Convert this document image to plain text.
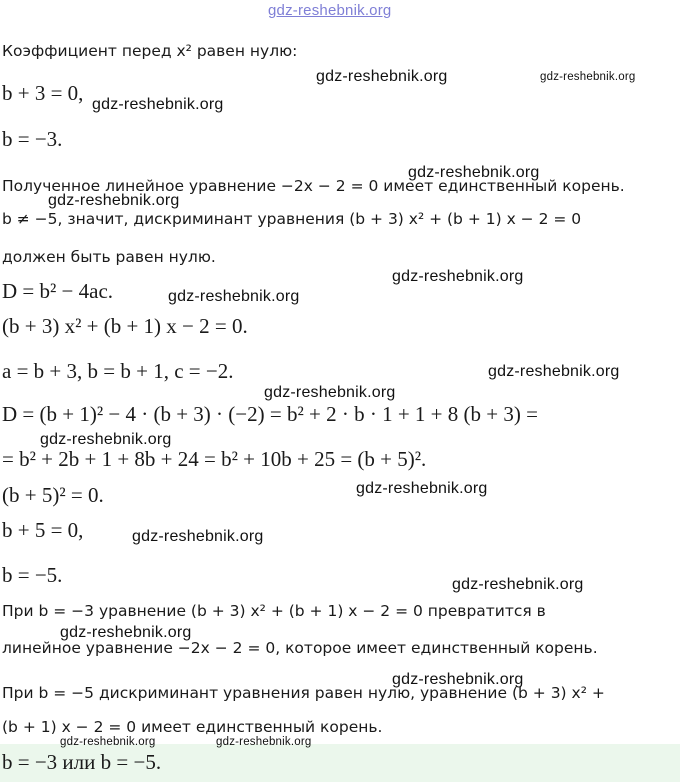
gdz-reshebnik.org
Коэффициент перед x² равен нулю:
b + 3 = 0,
b = −3.
Полученное линейное уравнение −2x − 2 = 0 имеет единственный корень.
b ≠ −5, значит, дискриминант уравнения (b + 3) x² + (b + 1) x − 2 = 0
должен быть равен нулю.
D = b² − 4ac.
(b + 3) x² + (b + 1) x − 2 = 0.
a = b + 3, b = b + 1, c = −2.
D = (b + 1)² − 4 · (b + 3) · (−2) = b² + 2 · b · 1 + 1 + 8 (b + 3) =
= b² + 2b + 1 + 8b + 24 = b² + 10b + 25 = (b + 5)².
(b + 5)² = 0.
b + 5 = 0,
b = −5.
При b = −3 уравнение (b + 3) x² + (b + 1) x − 2 = 0 превратится в
линейное уравнение −2x − 2 = 0, которое имеет единственный корень.
При b = −5 дискриминант уравнения равен нулю, уравнение (b + 3) x² +
(b + 1) x − 2 = 0 имеет единственный корень.
b = −3 или b = −5.
gdz-reshebnik.org	gdz-reshebnik.org
gdz-reshebnik.org
gdz-reshebnik.org
gdz-reshebnik.org
gdz-reshebnik.org
gdz-reshebnik.org
gdz-reshebnik.org
gdz-reshebnik.org
gdz-reshebnik.org
gdz-reshebnik.org
gdz-reshebnik.org
gdz-reshebnik.org
gdz-reshebnik.org
gdz-reshebnik.org
gdz-reshebnik.org	gdz-reshebnik.org
